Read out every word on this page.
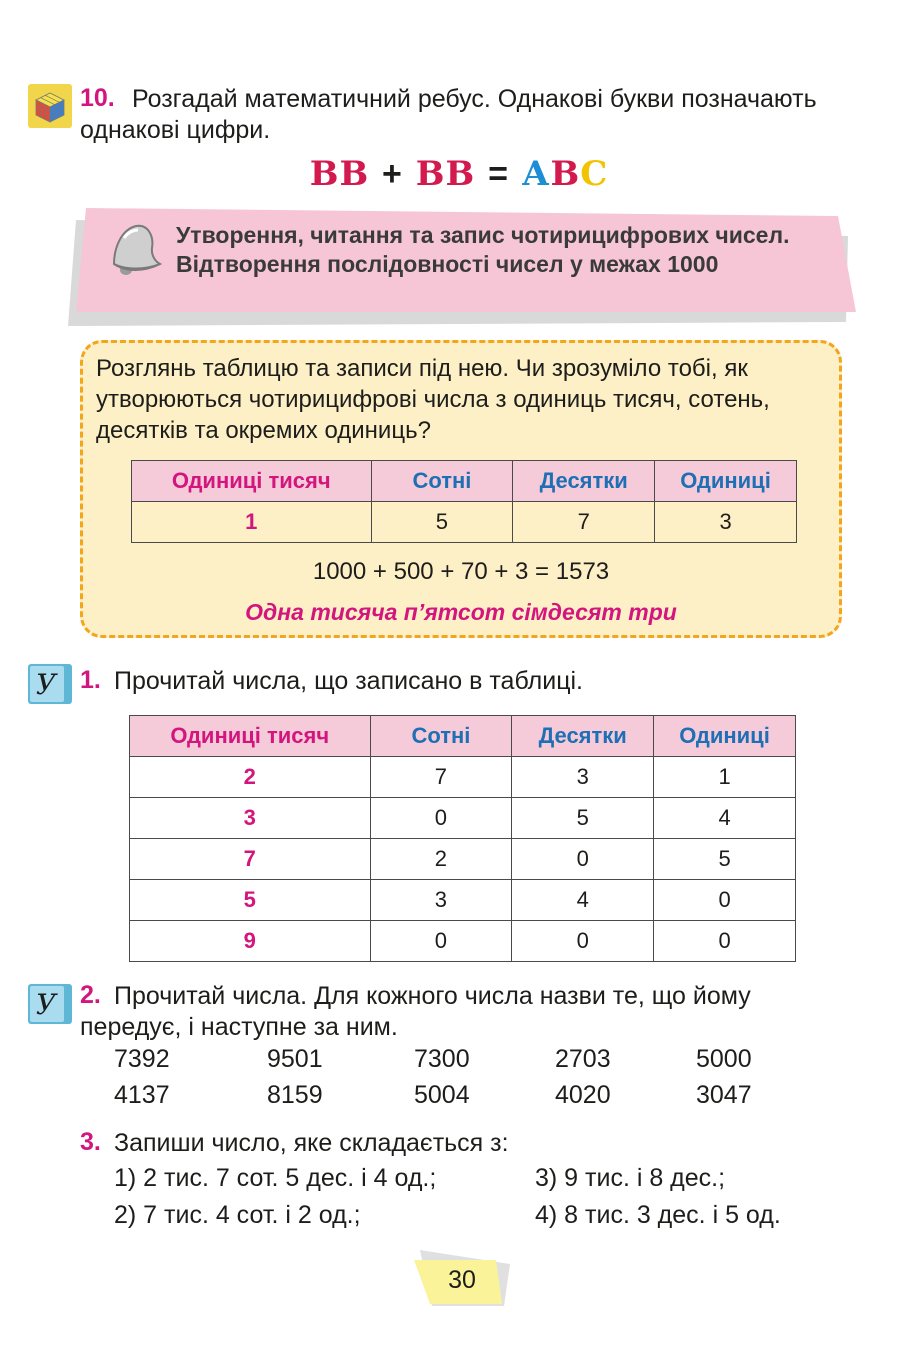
10. Розгадай математичний ребус. Однакові букви позначають однакові цифри.
ВВ + ВВ = АВС
Утворення, читання та запис чотирицифрових чисел. Відтворення послідовності чисел у межах 1000
Розглянь таблицю та записи під нею. Чи зрозуміло тобі, як утворюються чотирицифрові числа з одиниць тисяч, сотень, десятків та окремих одиниць?
Одиниці тисяч	Сотні	Десятки	Одиниці
1	5	7	3
1000 + 500 + 70 + 3 = 1573
Одна тисяча п’ятсот сімдесят три
У 1. Прочитай числа, що записано в таблиці.
Одиниці тисяч	Сотні	Десятки	Одиниці
2	7	3	1
3	0	5	4
7	2	0	5
5	3	4	0
9	0	0	0
У 2. Прочитай числа. Для кожного числа назви те, що йому передує, і наступне за ним.
7392	9501	7300	2703	5000
4137	8159	5004	4020	3047
3. Запиши число, яке складається з:
1) 2 тис. 7 сот. 5 дес. і 4 од.;
2) 7 тис. 4 сот. і 2 од.;
3) 9 тис. і 8 дес.;
4) 8 тис. 3 дес. і 5 од.
30
